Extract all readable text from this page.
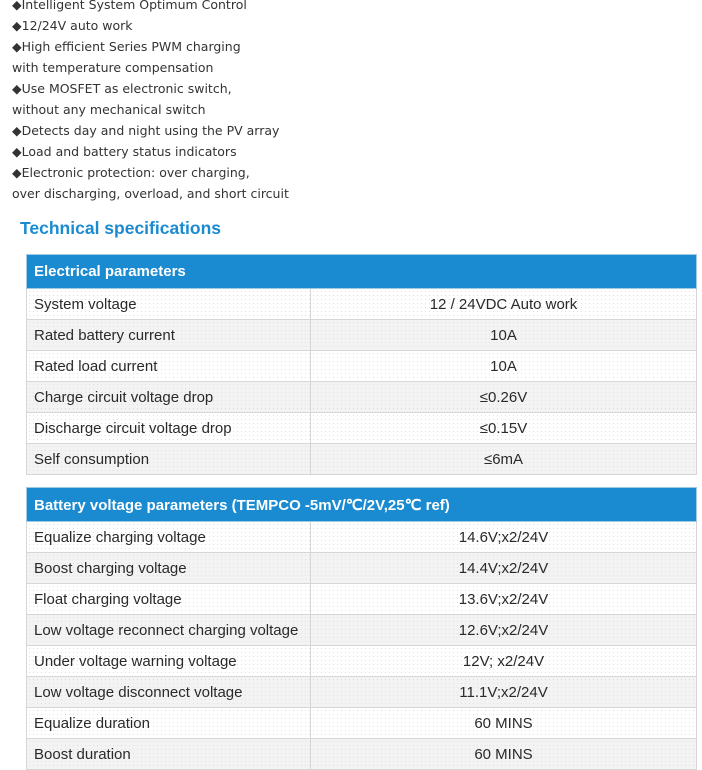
◆Intelligent System Optimum Control
◆12/24V auto work
◆High efficient Series PWM charging
with temperature compensation
◆Use MOSFET as electronic switch,
without any mechanical switch
◆Detects day and night using the PV array
◆Load and battery status indicators
◆Electronic protection: over charging,
over discharging, overload, and short circuit
Technical specifications
Electrical parameters	
System voltage	12 / 24VDC Auto work
Rated battery current	10A
Rated load current	10A
Charge circuit voltage drop	≤0.26V
Discharge circuit voltage drop	≤0.15V
Self consumption	≤6mA
Battery voltage parameters (TEMPCO -5mV/℃/2V,25℃ ref)	
Equalize charging voltage	14.6V;x2/24V
Boost charging voltage	14.4V;x2/24V
Float charging voltage	13.6V;x2/24V
Low voltage reconnect charging voltage	12.6V;x2/24V
Under voltage warning voltage	12V; x2/24V
Low voltage disconnect voltage	11.1V;x2/24V
Equalize duration	60 MINS
Boost duration	60 MINS
